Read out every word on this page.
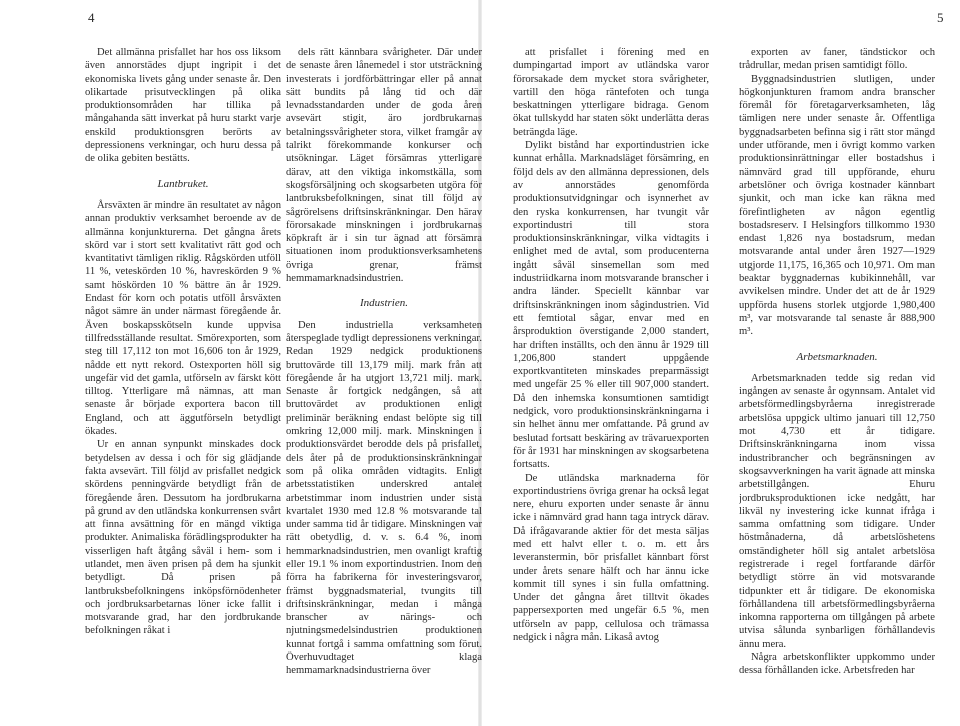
4	5

Det allmänna prisfallet har hos oss liksom även annorstädes djupt ingripit i det ekonomiska livets gång under senaste år. Den olikartade prisutvecklingen på olika produktionsområden har tillika på mångahanda sätt inverkat på huru starkt varje enskild produktionsgren berörts av depressionens verkningar, och huru dessa på de olika gebiten bestätts.

Lantbruket.

Årsväxten är mindre än resultatet av någon annan produktiv verksamhet beroende av de allmänna konjunkturerna. Det gångna årets skörd var i stort sett kvalitativt rätt god och kvantitativt tämligen riklig. Rågskörden utföll 11 %, veteskörden 10 %, havreskörden 9 % samt höskörden 10 % bättre än år 1929. Endast för korn och potatis utföll årsväxten något sämre än under närmast föregående år. Även boskapsskötseln kunde uppvisa tillfredsställande resultat. Smörexporten, som steg till 17,112 ton mot 16,606 ton år 1929, nådde ett nytt rekord. Ostexporten höll sig ungefär vid det gamla, utförseln av färskt kött tilltog. Ytterligare må nämnas, att man senaste år började exportera bacon till England, och att äggutförseln betydligt ökades.

Ur en annan synpunkt minskades dock betydelsen av dessa i och för sig glädjande fakta avsevärt. Till följd av prisfallet nedgick skördens penningvärde betydligt från de föregående åren. Dessutom ha jordbrukarna på grund av den utländska konkurrensen svårt att finna avsättning för en mängd viktiga produkter. Animaliska förädlingsprodukter ha visserligen haft åtgång såväl i hem- som i utlandet, men även prisen på dem ha sjunkit betydligt. Då prisen på lantbruksbefolkningens inköpsförnödenheter och jordbruksarbetarnas löner icke fallit i motsvarande grad, har den jordbrukande befolkningen råkat i

dels rätt kännbara svårigheter. Där under de senaste åren lånemedel i stor utsträckning investerats i jordförbättringar eller på annat sätt bundits på lång tid och där levnadsstandarden under de goda åren avsevärt stigit, äro jordbrukarnas betalningssvårigheter stora, vilket framgår av talrikt förekommande konkurser och utsökningar. Läget försämras ytterligare därav, att den viktiga inkomstkälla, som skogsförsäljning och skogsarbeten utgöra för lantbruksbefolkningen, sinat till följd av sågrörelsens driftsinskränkningar. Den härav förorsakade minskningen i jordbrukarnas köpkraft är i sin tur ägnad att försämra situationen inom produktionsverksamhetens övriga grenar, främst hemmamarknadsindustrien.

Industrien.

Den industriella verksamheten återspeglade tydligt depressionens verkningar. Redan 1929 nedgick produktionens bruttovärde till 13,179 milj. mark från att föregående år ha utgjort 13,721 milj. mark. Senaste år fortgick nedgången, så att bruttovärdet av produktionen enligt preliminär beräkning endast belöpte sig till omkring 12,000 milj. mark. Minskningen i produktionsvärdet berodde dels på prisfallet, dels åter på de produktionsinskränkningar som på olika områden vidtagits. Enligt arbetsstatistiken underskred antalet arbetstimmar inom industrien under sista kvartalet 1930 med 12.8 % motsvarande tal under samma tid år tidigare. Minskningen var rätt obetydlig, d. v. s. 6.4 %, inom hemmarknadsindustrien, men ovanligt kraftig eller 19.1 % inom exportindustrien. Inom den förra ha fabrikerna för investeringsvaror, främst byggnadsmaterial, tvungits till driftsinskränkningar, medan i många branscher av närings- och njutningsmedelsindustrien produktionen kunnat fortgå i samma omfattning som förut. Överhuvudtaget klaga hemmamarknadsindustrierna över

att prisfallet i förening med en dumpingartad import av utländska varor förorsakade dem mycket stora svårigheter, vartill den höga räntefoten och tunga beskattningen ytterligare bidraga. Genom ökat tullskydd har staten sökt underlätta deras beträngda läge.

Dylikt bistånd har exportindustrien icke kunnat erhålla. Marknadsläget försämring, en följd dels av den allmänna depressionen, dels av annorstädes genomförda produktionsutvidgningar och isynnerhet av den ryska konkurrensen, har tvungit vår exportindustri till stora produktionsinskränkningar, vilka vidtagits i enlighet med de avtal, som producenterna ingått såväl sinsemellan som med industriidkarna inom motsvarande branscher i andra länder. Speciellt kännbar var driftsinskränkningen inom sågindustrien. Vid ett femtiotal sågar, envar med en årsproduktion överstigande 2,000 standert, har driften inställts, och den ännu år 1929 till 1,206,800 standert uppgående exportkvantiteten minskades preparmässigt med ungefär 25 % eller till 907,000 standert. Då den inhemska konsumtionen samtidigt nedgick, voro produktionsinskränkningarna i sin helhet ännu mer omfattande. På grund av beslutad fortsatt beskäring av trävaruexporten för år 1931 har minskningen av skogsarbetena fortsatts.

De utländska marknaderna för exportindustriens övriga grenar ha också legat nere, ehuru exporten under senaste år ännu icke i nämnvärd grad hann taga intryck därav. Då ifrågavarande aktier för det mesta säljas med ett halvt eller t. o. m. ett års leveranstermin, bör prisfallet kännbart först under årets senare hälft och har ännu icke kommit till synes i sin fulla omfattning. Under det gångna året tilltvit ökades pappersexporten med ungefär 6.5 %, men utförseln av papp, cellulosa och trämassa nedgick i några mån. Likaså avtog

exporten av faner, tändstickor och trådrullar, medan prisen samtidigt föllo.

Byggnadsindustrien slutligen, under högkonjunkturen framom andra branscher föremål för företagarverksamheten, låg tämligen nere under senaste år. Offentliga byggnadsarbeten befinna sig i rätt stor mängd under utförande, men i övrigt kommo varken produktionsinrättningar eller bostadshus i nämnvärd grad till uppförande, ehuru arbetslöner och övriga kostnader kännbart sjunkit, och man icke kan räkna med förefintligheten av någon egentlig bostadsreserv. I Helsingfors tillkommo 1930 endast 1,826 nya bostadsrum, medan motsvarande antal under åren 1927—1929 utgjorde 11,175, 16,365 och 10,971. Om man beaktar byggnadernas kubikinnehåll, var avvikelsen mindre. Under det att de år 1929 uppförda husens storlek utgjorde 1,980,400 m³, var motsvarande tal senaste år 888,900 m³.

Arbetsmarknaden.

Arbetsmarknaden tedde sig redan vid ingången av senaste år ogynnsam. Antalet vid arbetsförmedlingsbyråerna inregistrerade arbetslösa uppgick ultimo januari till 12,750 mot 4,730 ett år tidigare. Driftsinskränkningarna inom vissa industribrancher och begränsningen av skogsavverkningen ha varit ägnade att minska arbetstillgången. Ehuru jordbruksproduktionen icke nedgått, har likväl ny investering icke kunnat ifråga i samma omfattning som tidigare. Under höstmånaderna, då arbetslöshetens omständigheter höll sig antalet arbetslösa registrerade i regel fortfarande därför betydligt större än vid motsvarande tidpunkter ett år tidigare. De ekonomiska förhållandena till arbetsförmedlingsbyråerna inkomna rapporterna om tillgången på arbete utvisa sålunda synbarligen förhållandevis ännu mera.

Några arbetskonflikter uppkommo under dessa förhållanden icke. Arbetsfreden har
